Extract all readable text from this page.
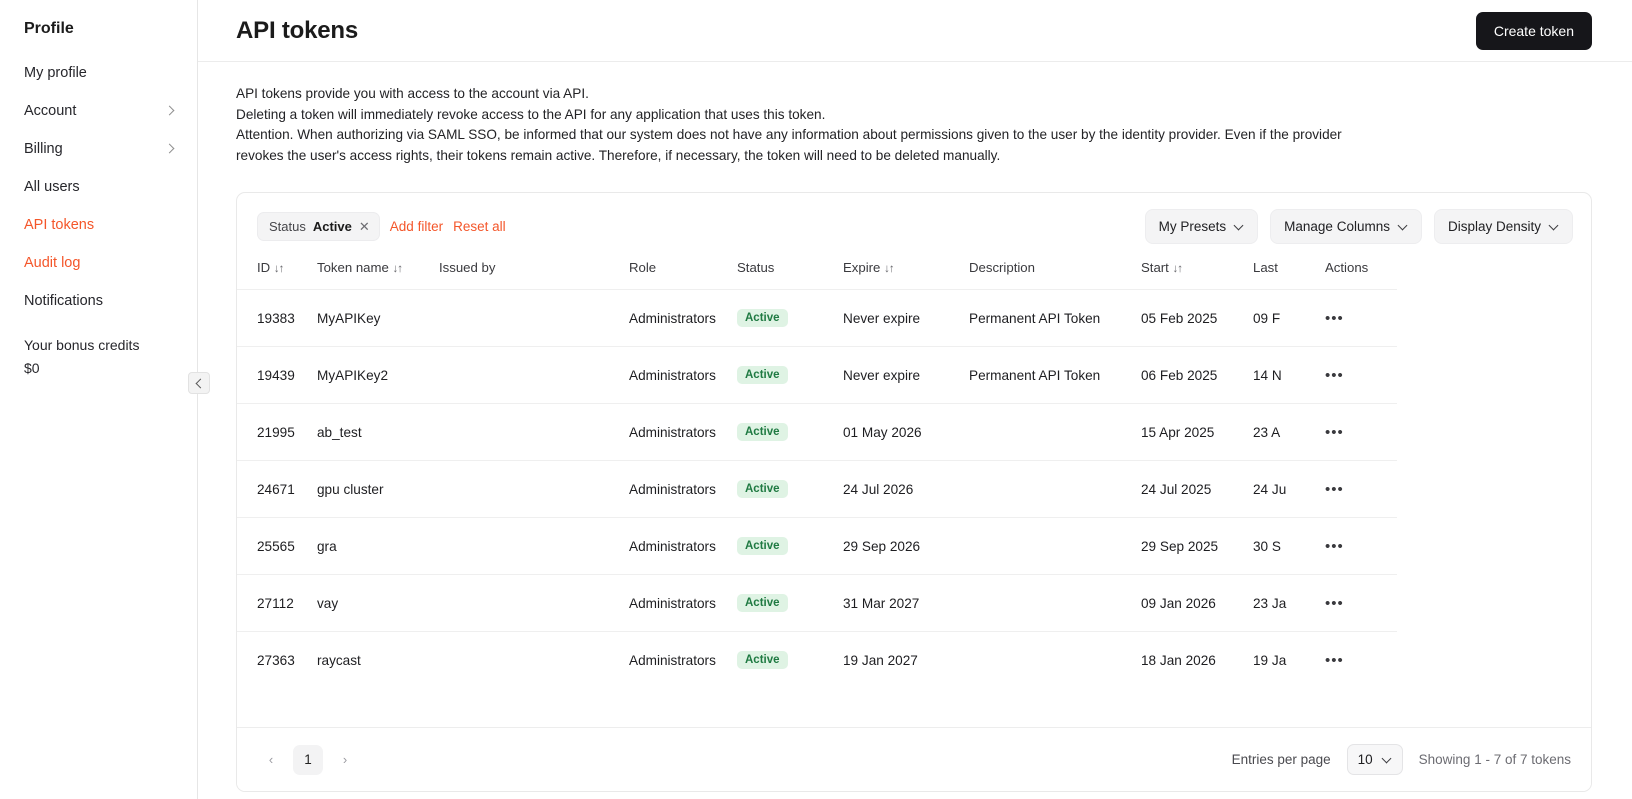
Profile
My profile
Account
Billing
All users
API tokens
Audit log
Notifications
Your bonus credits
$0
API tokens	Create token

API tokens provide you with access to the account via API.

Deleting a token will immediately revoke access to the API for any application that uses this token.

Attention. When authorizing via SAML SSO, be informed that our system does not have any information about permissions given to the user by the identity provider. Even if the provider revokes the user's access rights, their tokens remain active. Therefore, if necessary, the token will need to be deleted manually.

Status Active ✕ Add filter Reset all	My Presets	Manage Columns	Display Density
ID ↓↑	Token name ↓↑	Issued by	Role	Status	Expire ↓↑	Description	Start ↓↑	Last	Actions
19383	MyAPIKey		Administrators	Active	Never expire	Permanent API Token	05 Feb 2025	09 F	•••
19439	MyAPIKey2		Administrators	Active	Never expire	Permanent API Token	06 Feb 2025	14 N	•••
21995	ab_test		Administrators	Active	01 May 2026		15 Apr 2025	23 A	•••
24671	gpu cluster		Administrators	Active	24 Jul 2026		24 Jul 2025	24 Ju	•••
25565	gra		Administrators	Active	29 Sep 2026		29 Sep 2025	30 S	•••
27112	vay		Administrators	Active	31 Mar 2027		09 Jan 2026	23 Ja	•••
27363	raycast		Administrators	Active	19 Jan 2027		18 Jan 2026	19 Ja	•••
‹	1	›	Entries per page 10	Showing 1 - 7 of 7 tokens
